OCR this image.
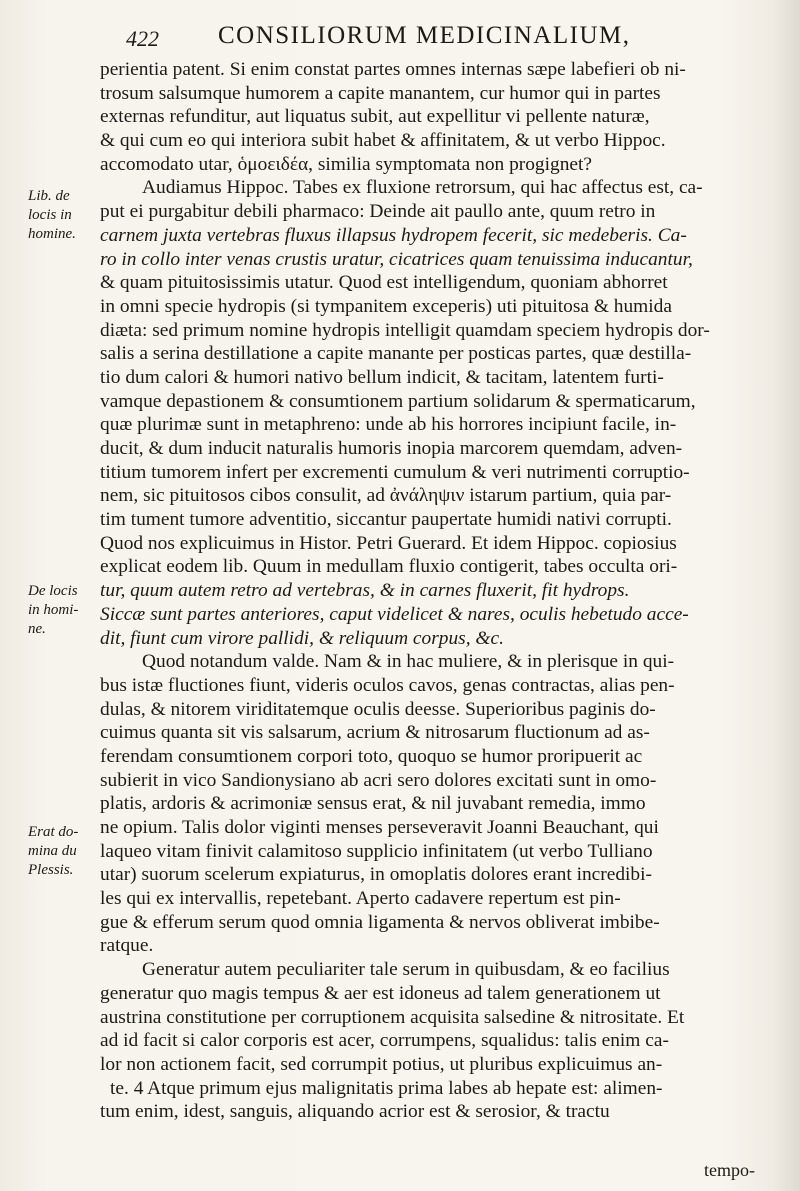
422 CONSILIORUM MEDICINALIUM,
Lib. de
locis in
homine.
De locis
in homi-
ne.
Erat do-
mina du
Plessis.
perientia patent. Si enim constat partes omnes internas sæpe labefieri ob ni-
trosum salsumque humorem a capite manantem, cur humor qui in partes
externas refunditur, aut liquatus subit, aut expellitur vi pellente naturæ,
& qui cum eo qui interiora subit habet & affinitatem, & ut verbo Hippoc.
accomodato utar, ὁμοειδέα, similia symptomata non progignet?
Audiamus Hippoc. Tabes ex fluxione retrorsum, qui hac affectus est, ca-
put ei purgabitur debili pharmaco: Deinde ait paullo ante, quum retro in
carnem juxta vertebras fluxus illapsus hydropem fecerit, sic medeberis. Ca-
ro in collo inter venas crustis uratur, cicatrices quam tenuissima inducantur,
& quam pituitosissimis utatur. Quod est intelligendum, quoniam abhorret
in omni specie hydropis (si tympanitem exceperis) uti pituitosa & humida
diæta: sed primum nomine hydropis intelligit quamdam speciem hydropis dor-
salis a serina destillatione a capite manante per posticas partes, quæ destilla-
tio dum calori & humori nativo bellum indicit, & tacitam, latentem furti-
vamque depastionem & consumtionem partium solidarum & spermaticarum,
quæ plurimæ sunt in metaphreno: unde ab his horrores incipiunt facile, in-
ducit, & dum inducit naturalis humoris inopia marcorem quemdam, adven-
titium tumorem infert per excrementi cumulum & veri nutrimenti corruptio-
nem, sic pituitosos cibos consulit, ad ἀνάληψιν istarum partium, quia par-
tim tument tumore adventitio, siccantur paupertate humidi nativi corrupti.
Quod nos explicuimus in Histor. Petri Guerard. Et idem Hippoc. copiosius
explicat eodem lib. Quum in medullam fluxio contigerit, tabes occulta ori-
tur, quum autem retro ad vertebras, & in carnes fluxerit, fit hydrops.
Siccæ sunt partes anteriores, caput videlicet & nares, oculis hebetudo acce-
dit, fiunt cum virore pallidi, & reliquum corpus, &c.
Quod notandum valde. Nam & in hac muliere, & in plerisque in qui-
bus istæ fluctiones fiunt, videris oculos cavos, genas contractas, alias pen-
dulas, & nitorem viriditatemque oculis deesse. Superioribus paginis do-
cuimus quanta sit vis salsarum, acrium & nitrosarum fluctionum ad as-
ferendam consumtionem corpori toto, quoquo se humor proripuerit ac
subierit in vico Sandionysiano ab acri sero dolores excitati sunt in omo-
platis, ardoris & acrimoniæ sensus erat, & nil juvabant remedia, immo
ne opium. Talis dolor viginti menses perseveravit Joanni Beauchant, qui
laqueo vitam finivit calamitoso supplicio infinitatem (ut verbo Tulliano
utar) suorum scelerum expiaturus, in omoplatis dolores erant incredibi-
les qui ex intervallis, repetebant. Aperto cadavere repertum est pin-
gue & efferum serum quod omnia ligamenta & nervos obliverat imbibe-
ratque.
Generatur autem peculiariter tale serum in quibusdam, & eo facilius
generatur quo magis tempus & aer est idoneus ad talem generationem ut
austrina constitutione per corruptionem acquisita salsedine & nitrositate. Et
ad id facit si calor corporis est acer, corrumpens, squalidus: talis enim ca-
lor non actionem facit, sed corrumpit potius, ut pluribus explicuimus an-
te. 4 Atque primum ejus malignitatis prima labes ab hepate est: alimen-
tum enim, idest, sanguis, aliquando acrior est & serosior, & tractu
tempo-
